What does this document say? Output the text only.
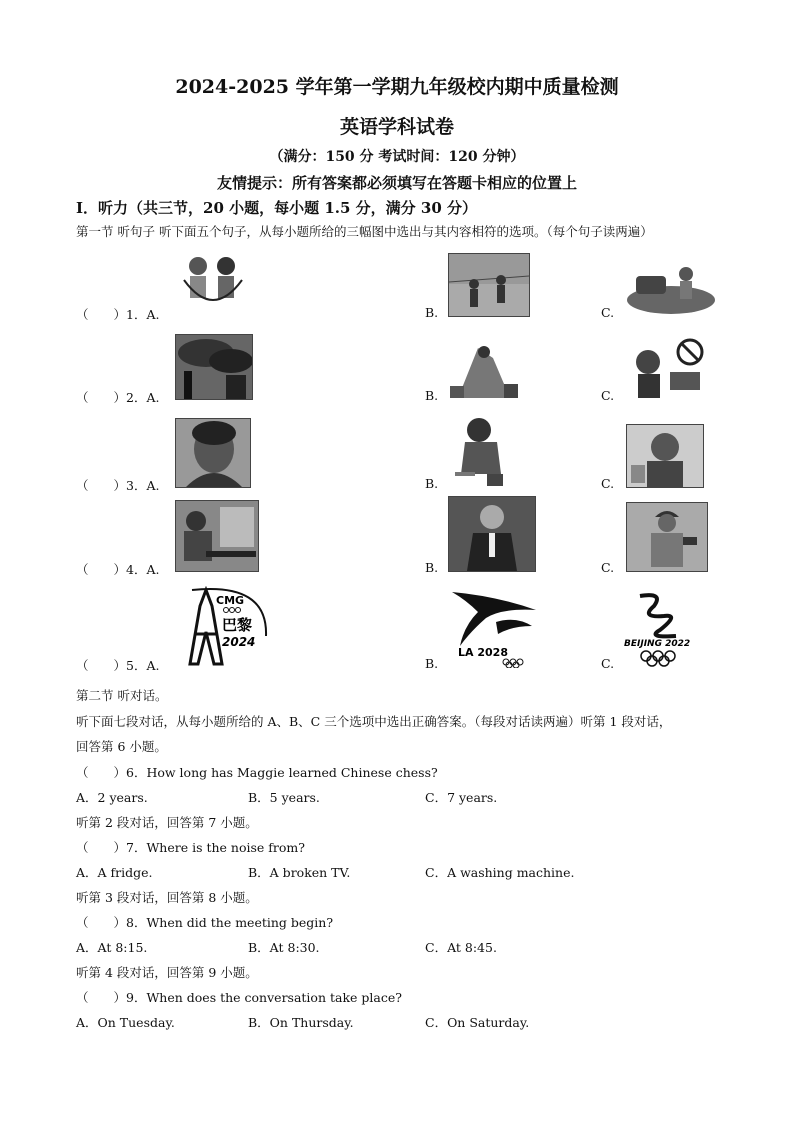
2024-2025 学年第一学期九年级校内期中质量检测
英语学科试卷
（满分：150 分 考试时间：120 分钟）
友情提示：所有答案都必须填写在答题卡相应的位置上
I．听力（共三节，20 小题，每小题 1.5 分，满分 30 分）
第一节 听句子 听下面五个句子，从每小题所给的三幅图中选出与其内容相符的选项。（每个句子读两遍）
（　　）1．A.	B.	C.
（　　）2．A.	B.	C.
（　　）3．A.	B.	C.
（　　）4．A.	B.	C.
（　　）5．A.
CMG
巴黎
2024
B.
LA 2028
C.
BEIJING 2022
第二节 听对话。
听下面七段对话，从每小题所给的 A、B、C 三个选项中选出正确答案。（每段对话读两遍）听第 1 段对话，
回答第 6 小题。
（　　）6．How long has Maggie learned Chinese chess?
A．2 years.	B．5 years.	C．7 years.
听第 2 段对话，回答第 7 小题。
（　　）7．Where is the noise from?
A．A fridge.	B．A broken TV.	C．A washing machine.
听第 3 段对话，回答第 8 小题。
（　　）8．When did the meeting begin?
A．At 8:15.	B．At 8:30.	C．At 8:45.
听第 4 段对话，回答第 9 小题。
（　　）9．When does the conversation take place?
A．On Tuesday.	B．On Thursday.	C．On Saturday.
